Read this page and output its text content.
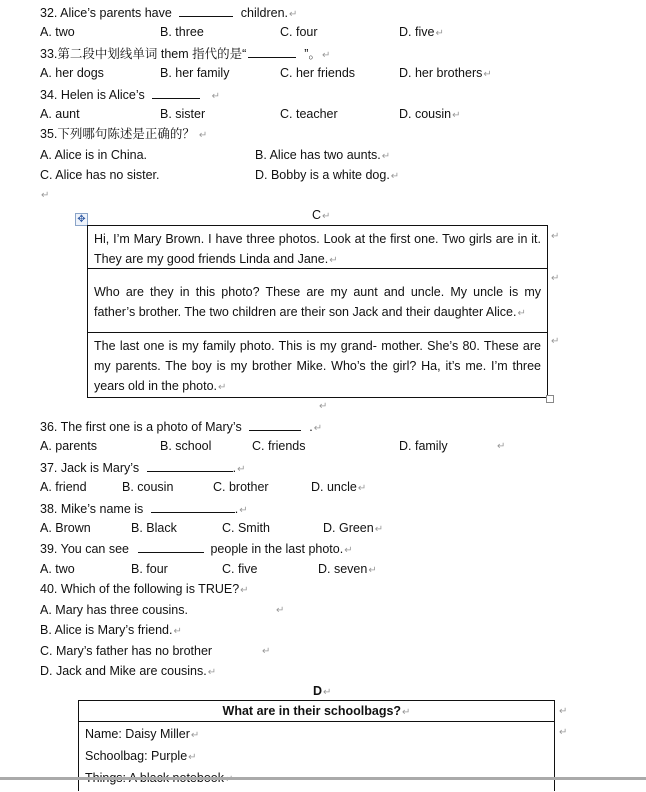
32. Alice’s parents have	children.↵
A. two	B. three	C. four	D. five↵
33.第二段中划线单词 them 指代的是“	”。↵
A. her dogs	B. her family	C. her friends	D. her brothers↵
34. Helen is Alice’s	↵
A. aunt	B. sister	C. teacher	D. cousin↵
35.下列哪句陈述是正确的？ ↵
A. Alice is in China.	B. Alice has two aunts.↵
C. Alice has no sister.	D. Bobby is a white dog.↵
↵
C↵
✥
Hi, I’m Mary Brown. I have three photos. Look at the first one. Two girls are in it. They are my good friends Linda and Jane.↵
Who are they in this photo? These are my aunt and uncle. My uncle is my father’s brother. The two children are their son Jack and their daughter Alice.↵
The last one is my family photo. This is my grand- mother. She’s 80. These are my parents. The boy is my brother Mike. Who’s the girl? Ha, it’s me. I’m three years old in the photo.↵
↵
↵
↵
↵
36. The first one is a photo of Mary’s	.↵
A. parents	B. school	C. friends	D. family	↵
37. Jack is Mary’s	.↵
A. friend	B. cousin	C. brother	D. uncle↵
38. Mike’s name is	.↵
A. Brown	B. Black	C. Smith	D. Green↵
39. You can see	people in the last photo.↵
A. two	B. four	C. five	D. seven↵
40. Which of the following is TRUE?↵
A. Mary has three cousins.	↵
B. Alice is Mary’s friend.↵
C. Mary’s father has no brother	↵
D. Jack and Mike are cousins.↵
D↵
What are in their schoolbags?↵
Name: Daisy Miller↵
Schoolbag: Purple↵
↵
↵
